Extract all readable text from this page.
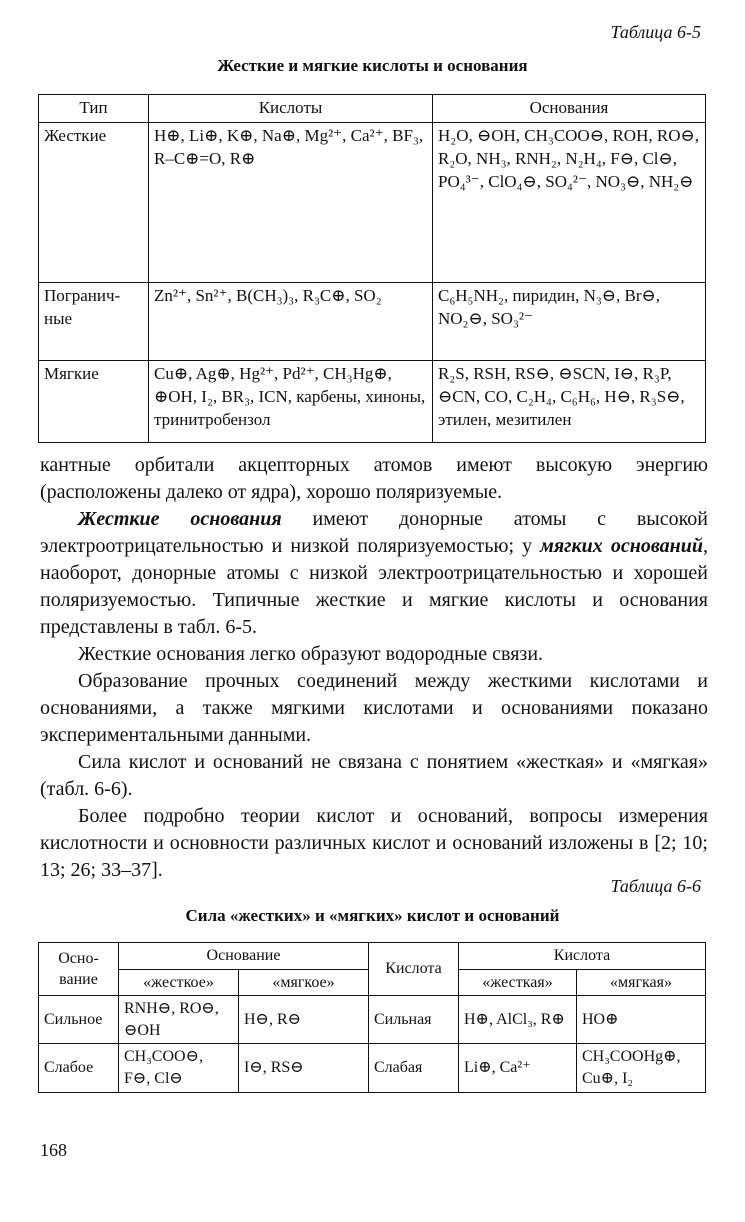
Таблица 6-5
Жесткие и мягкие кислоты и основания
Тип	Кислоты	Основания
Жесткие	H⊕, Li⊕, K⊕, Na⊕, Mg²⁺, Ca²⁺, BF₃, R–C⊕=O, R⊕	H₂O, ⊖OH, CH₃COO⊖, ROH, RO⊖, R₂O, NH₃, RNH₂, N₂H₄, F⊖, Cl⊖, PO₄³⁻, ClO₄⊖, SO₄²⁻, NO₃⊖, NH₂⊖
Погранич-ные	Zn²⁺, Sn²⁺, B(CH₃)₃, R₃C⊕, SO₂	C₆H₅NH₂, пиридин, N₃⊖, Br⊖, NO₂⊖, SO₃²⁻
Мягкие	Cu⊕, Ag⊕, Hg²⁺, Pd²⁺, CH₃Hg⊕, ⊕OH, I₂, BR₃, ICN, карбены, хиноны, тринитробензол	R₂S, RSH, RS⊖, ⊖SCN, I⊖, R₃P, ⊖CN, CO, C₂H₄, C₆H₆, H⊖, R₃S⊖, этилен, мезитилен

кантные орбитали акцепторных атомов имеют высокую энергию (расположены далеко от ядра), хорошо поляризуемые.

Жесткие основания имеют донорные атомы с высокой электроотрицательностью и низкой поляризуемостью; у мягких оснований, наоборот, донорные атомы с низкой электроотрицательностью и хорошей поляризуемостью. Типичные жесткие и мягкие кислоты и основания представлены в табл. 6-5.

Жесткие основания легко образуют водородные связи.

Образование прочных соединений между жесткими кислотами и основаниями, а также мягкими кислотами и основаниями показано экспериментальными данными.

Сила кислот и оснований не связана с понятием «жесткая» и «мягкая» (табл. 6-6).

Более подробно теории кислот и оснований, вопросы измерения кислотности и основности различных кислот и оснований изложены в [2; 10; 13; 26; 33–37].

Таблица 6-6
Сила «жестких» и «мягких» кислот и оснований
Осно-вание	Основание		Кислота	Кислота	
	«жесткое»	«мягкое»		«жесткая»	«мягкая»
Сильное	RNH⊖, RO⊖, ⊖OH	H⊖, R⊖	Сильная	H⊕, AlCl₃, R⊕	HO⊕
Слабое	CH₃COO⊖, F⊖, Cl⊖	I⊖, RS⊖	Слабая	Li⊕, Ca²⁺	CH₃COOHg⊕, Cu⊕, I₂
168
